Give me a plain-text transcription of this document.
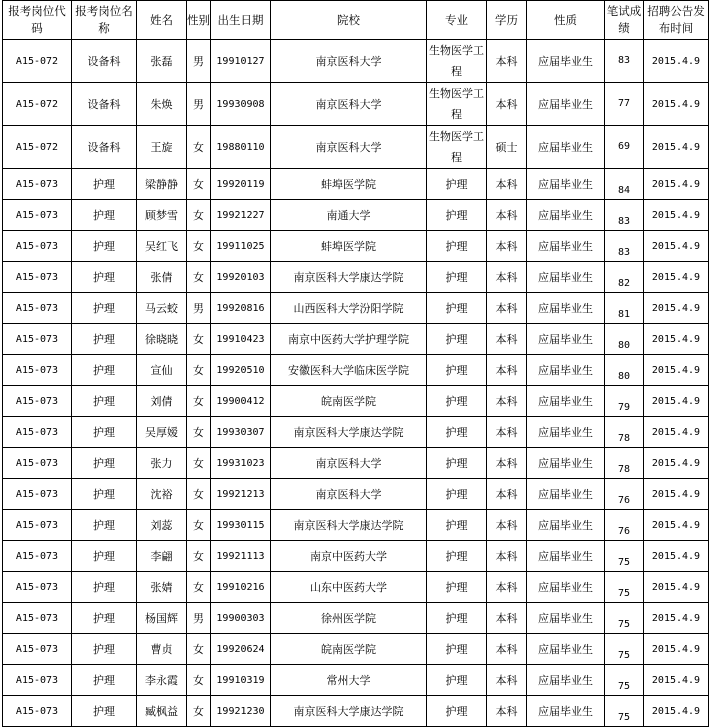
报考岗位代码	报考岗位名称	姓名	性别	出生日期	院校	专业	学历	性质	笔试成绩	招聘公告发布时间
A15-072	设备科	张磊	男	19910127	南京医科大学	生物医学工程	本科	应届毕业生	83	2015.4.9
A15-072	设备科	朱焕	男	19930908	南京医科大学	生物医学工程	本科	应届毕业生	77	2015.4.9
A15-072	设备科	王旋	女	19880110	南京医科大学	生物医学工程	硕士	应届毕业生	69	2015.4.9
A15-073	护理	梁静静	女	19920119	蚌埠医学院	护理	本科	应届毕业生	84	2015.4.9
A15-073	护理	顾梦雪	女	19921227	南通大学	护理	本科	应届毕业生	83	2015.4.9
A15-073	护理	吴红飞	女	19911025	蚌埠医学院	护理	本科	应届毕业生	83	2015.4.9
A15-073	护理	张倩	女	19920103	南京医科大学康达学院	护理	本科	应届毕业生	82	2015.4.9
A15-073	护理	马云蛟	男	19920816	山西医科大学汾阳学院	护理	本科	应届毕业生	81	2015.4.9
A15-073	护理	徐晓晓	女	19910423	南京中医药大学护理学院	护理	本科	应届毕业生	80	2015.4.9
A15-073	护理	宣仙	女	19920510	安徽医科大学临床医学院	护理	本科	应届毕业生	80	2015.4.9
A15-073	护理	刘倩	女	19900412	皖南医学院	护理	本科	应届毕业生	79	2015.4.9
A15-073	护理	吴厚嫒	女	19930307	南京医科大学康达学院	护理	本科	应届毕业生	78	2015.4.9
A15-073	护理	张力	女	19931023	南京医科大学	护理	本科	应届毕业生	78	2015.4.9
A15-073	护理	沈裕	女	19921213	南京医科大学	护理	本科	应届毕业生	76	2015.4.9
A15-073	护理	刘蕊	女	19930115	南京医科大学康达学院	护理	本科	应届毕业生	76	2015.4.9
A15-073	护理	李翩	女	19921113	南京中医药大学	护理	本科	应届毕业生	75	2015.4.9
A15-073	护理	张婧	女	19910216	山东中医药大学	护理	本科	应届毕业生	75	2015.4.9
A15-073	护理	杨国辉	男	19900303	徐州医学院	护理	本科	应届毕业生	75	2015.4.9
A15-073	护理	曹贞	女	19920624	皖南医学院	护理	本科	应届毕业生	75	2015.4.9
A15-073	护理	李永霞	女	19910319	常州大学	护理	本科	应届毕业生	75	2015.4.9
A15-073	护理	臧枫益	女	19921230	南京医科大学康达学院	护理	本科	应届毕业生	75	2015.4.9
